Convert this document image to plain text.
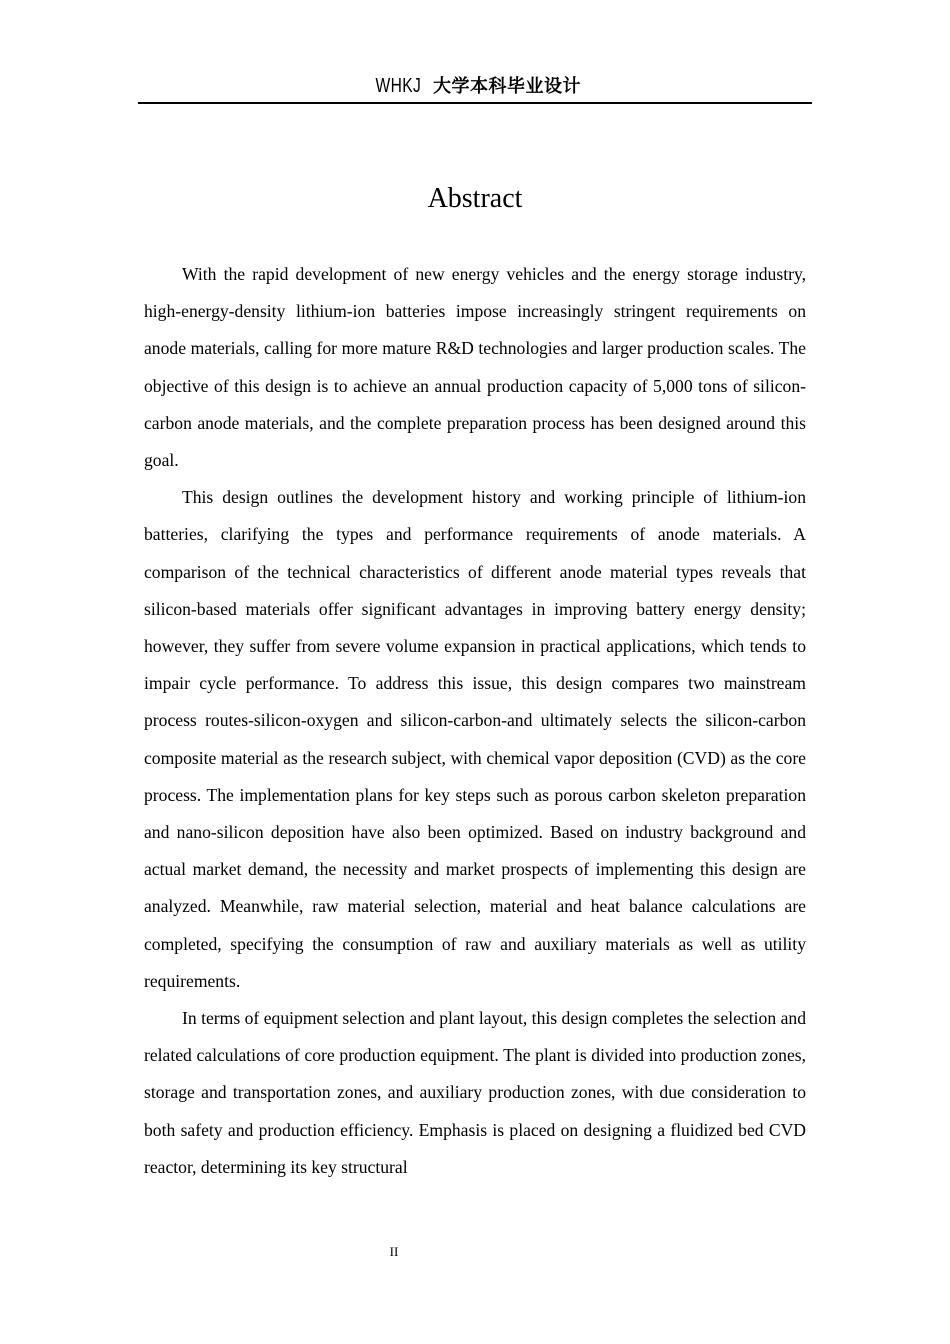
WHKJ 大学本科毕业设计
Abstract

With the rapid development of new energy vehicles and the energy storage industry, high-energy-density lithium-ion batteries impose increasingly stringent requirements on anode materials, calling for more mature R&D technologies and larger production scales. The objective of this design is to achieve an annual production capacity of 5,000 tons of silicon-carbon anode materials, and the complete preparation process has been designed around this goal.

This design outlines the development history and working principle of lithium-ion batteries, clarifying the types and performance requirements of anode materials. A comparison of the technical characteristics of different anode material types reveals that silicon-based materials offer significant advantages in improving battery energy density; however, they suffer from severe volume expansion in practical applications, which tends to impair cycle performance. To address this issue, this design compares two mainstream process routes-silicon-oxygen and silicon-carbon-and ultimately selects the silicon-carbon composite material as the research subject, with chemical vapor deposition (CVD) as the core process. The implementation plans for key steps such as porous carbon skeleton preparation and nano-silicon deposition have also been optimized. Based on industry background and actual market demand, the necessity and market prospects of implementing this design are analyzed. Meanwhile, raw material selection, material and heat balance calculations are completed, specifying the consumption of raw and auxiliary materials as well as utility requirements.

In terms of equipment selection and plant layout, this design completes the selection and related calculations of core production equipment. The plant is divided into production zones, storage and transportation zones, and auxiliary production zones, with due consideration to both safety and production efficiency. Emphasis is placed on designing a fluidized bed CVD reactor, determining its key structural

II
